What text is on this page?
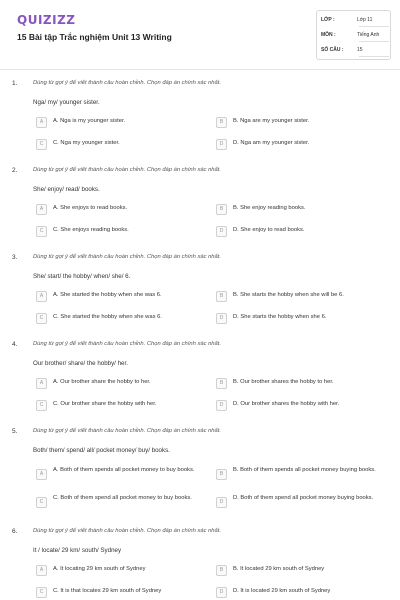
QUIZIZZ
15 Bài tập Trắc nghiệm Unit 13 Writing
LỚP :	Lớp 11
MÔN :	Tiếng Anh
SỐ CÂU :	15
1.	Dùng từ gợi ý để viết thành câu hoàn chỉnh. Chọn đáp án chính xác nhất.
Nga/ my/ younger sister.
A	A. Nga is my younger sister.	B	B. Nga are my younger sister.
C	C. Nga my younger sister.	D	D. Nga am my younger sister.
2.	Dùng từ gợi ý để viết thành câu hoàn chỉnh. Chọn đáp án chính xác nhất.
She/ enjoy/ read/ books.
A	A. She enjoys to read books.	B	B. She enjoy reading books.
C	C. She enjoys reading books.	D	D. She enjoy to read books.
3.	Dùng từ gợi ý để viết thành câu hoàn chỉnh. Chọn đáp án chính xác nhất.
She/ start/ the hobby/ when/ she/ 6.
A	A. She started the hobby when she was 6.	B	B. She starts the hobby when she will be 6.
C	C. She started the hobby when she was 6.	D	D. She starts the hobby when she 6.
4.	Dùng từ gợi ý để viết thành câu hoàn chỉnh. Chọn đáp án chính xác nhất.
Our brother/ share/ the hobby/ her.
A	A. Our brother share the hobby to her.	B	B. Our brother shares the hobby to her.
C	C. Our brother share the hobby with her.	D	D. Our brother shares the hobby with her.
5.	Dùng từ gợi ý để viết thành câu hoàn chỉnh. Chọn đáp án chính xác nhất.
Both/ them/ spend/ all/ pocket money/ buy/ books.
A
A. Both of them spends all pocket money to buy books.
B
B. Both of them spends all pocket money buying books.
C
C. Both of them spend all pocket money to buy books.
D
D. Both of them spend all pocket money buying books.
6.	Dùng từ gợi ý để viết thành câu hoàn chỉnh. Chọn đáp án chính xác nhất.
It / locate/ 29 km/ south/ Sydney
A	A. It locating 29 km south of Sydney	B	B. It located 29 km south of Sydney
C	C. It is that locates 29 km south of Sydney	D	D. It is located 29 km south of Sydney
